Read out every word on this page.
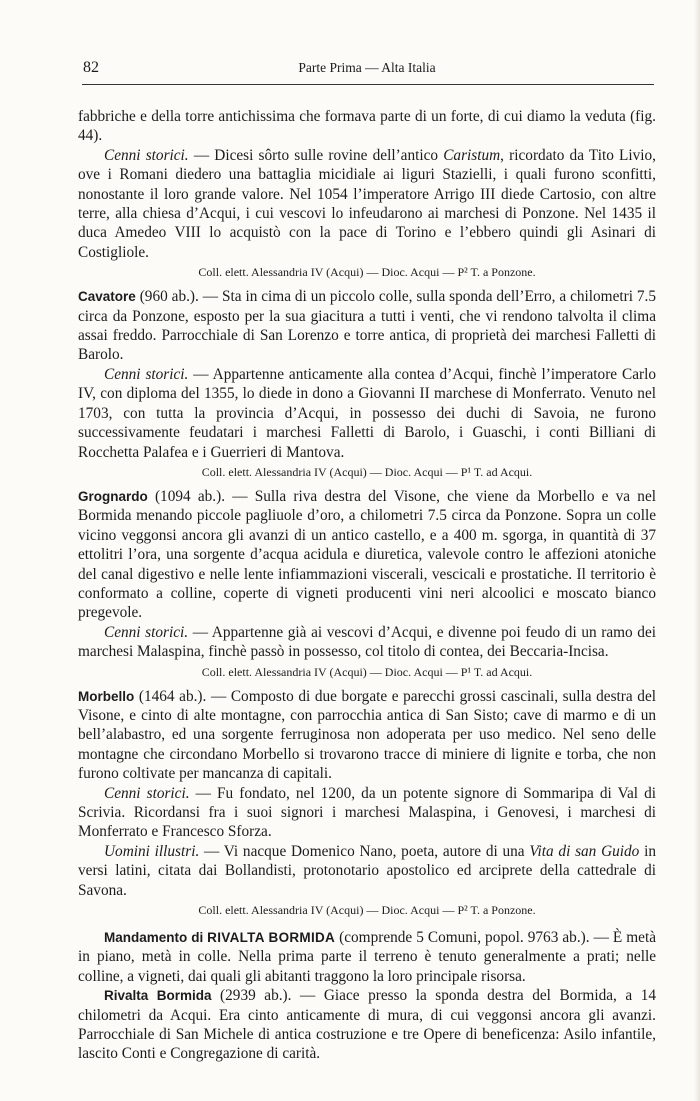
82	Parte Prima — Alta Italia

fabbriche e della torre antichissima che formava parte di un forte, di cui diamo la veduta (fig. 44).

Cenni storici. — Dicesi sôrto sulle rovine dell’antico Caristum, ricordato da Tito Livio, ove i Romani diedero una battaglia micidiale ai liguri Stazielli, i quali furono sconfitti, nonostante il loro grande valore. Nel 1054 l’imperatore Arrigo III diede Cartosio, con altre terre, alla chiesa d’Acqui, i cui vescovi lo infeudarono ai marchesi di Ponzone. Nel 1435 il duca Amedeo VIII lo acquistò con la pace di Torino e l’ebbero quindi gli Asinari di Costigliole.

Coll. elett. Alessandria IV (Acqui) — Dioc. Acqui — P² T. a Ponzone.

Cavatore (960 ab.). — Sta in cima di un piccolo colle, sulla sponda dell’Erro, a chilometri 7.5 circa da Ponzone, esposto per la sua giacitura a tutti i venti, che vi rendono talvolta il clima assai freddo. Parrocchiale di San Lorenzo e torre antica, di proprietà dei marchesi Falletti di Barolo.

Cenni storici. — Appartenne anticamente alla contea d’Acqui, finchè l’imperatore Carlo IV, con diploma del 1355, lo diede in dono a Giovanni II marchese di Monferrato. Venuto nel 1703, con tutta la provincia d’Acqui, in possesso dei duchi di Savoia, ne furono successivamente feudatari i marchesi Falletti di Barolo, i Guaschi, i conti Billiani di Rocchetta Palafea e i Guerrieri di Mantova.

Coll. elett. Alessandria IV (Acqui) — Dioc. Acqui — P¹ T. ad Acqui.

Grognardo (1094 ab.). — Sulla riva destra del Visone, che viene da Morbello e va nel Bormida menando piccole pagliuole d’oro, a chilometri 7.5 circa da Ponzone. Sopra un colle vicino veggonsi ancora gli avanzi di un antico castello, e a 400 m. sgorga, in quantità di 37 ettolitri l’ora, una sorgente d’acqua acidula e diuretica, valevole contro le affezioni atoniche del canal digestivo e nelle lente infiammazioni viscerali, vescicali e prostatiche. Il territorio è conformato a colline, coperte di vigneti producenti vini neri alcoolici e moscato bianco pregevole.

Cenni storici. — Appartenne già ai vescovi d’Acqui, e divenne poi feudo di un ramo dei marchesi Malaspina, finchè passò in possesso, col titolo di contea, dei Beccaria-Incisa.

Coll. elett. Alessandria IV (Acqui) — Dioc. Acqui — P¹ T. ad Acqui.

Morbello (1464 ab.). — Composto di due borgate e parecchi grossi cascinali, sulla destra del Visone, e cinto di alte montagne, con parrocchia antica di San Sisto; cave di marmo e di un bell’alabastro, ed una sorgente ferruginosa non adoperata per uso medico. Nel seno delle montagne che circondano Morbello si trovarono tracce di miniere di lignite e torba, che non furono coltivate per mancanza di capitali.

Cenni storici. — Fu fondato, nel 1200, da un potente signore di Sommaripa di Val di Scrivia. Ricordansi fra i suoi signori i marchesi Malaspina, i Genovesi, i marchesi di Monferrato e Francesco Sforza.

Uomini illustri. — Vi nacque Domenico Nano, poeta, autore di una Vita di san Guido in versi latini, citata dai Bollandisti, protonotario apostolico ed arciprete della cattedrale di Savona.

Coll. elett. Alessandria IV (Acqui) — Dioc. Acqui — P² T. a Ponzone.

Mandamento di RIVALTA BORMIDA (comprende 5 Comuni, popol. 9763 ab.). — È metà in piano, metà in colle. Nella prima parte il terreno è tenuto generalmente a prati; nelle colline, a vigneti, dai quali gli abitanti traggono la loro principale risorsa.

Rivalta Bormida (2939 ab.). — Giace presso la sponda destra del Bormida, a 14 chilometri da Acqui. Era cinto anticamente di mura, di cui veggonsi ancora gli avanzi. Parrocchiale di San Michele di antica costruzione e tre Opere di beneficenza: Asilo infantile, lascito Conti e Congregazione di carità.
